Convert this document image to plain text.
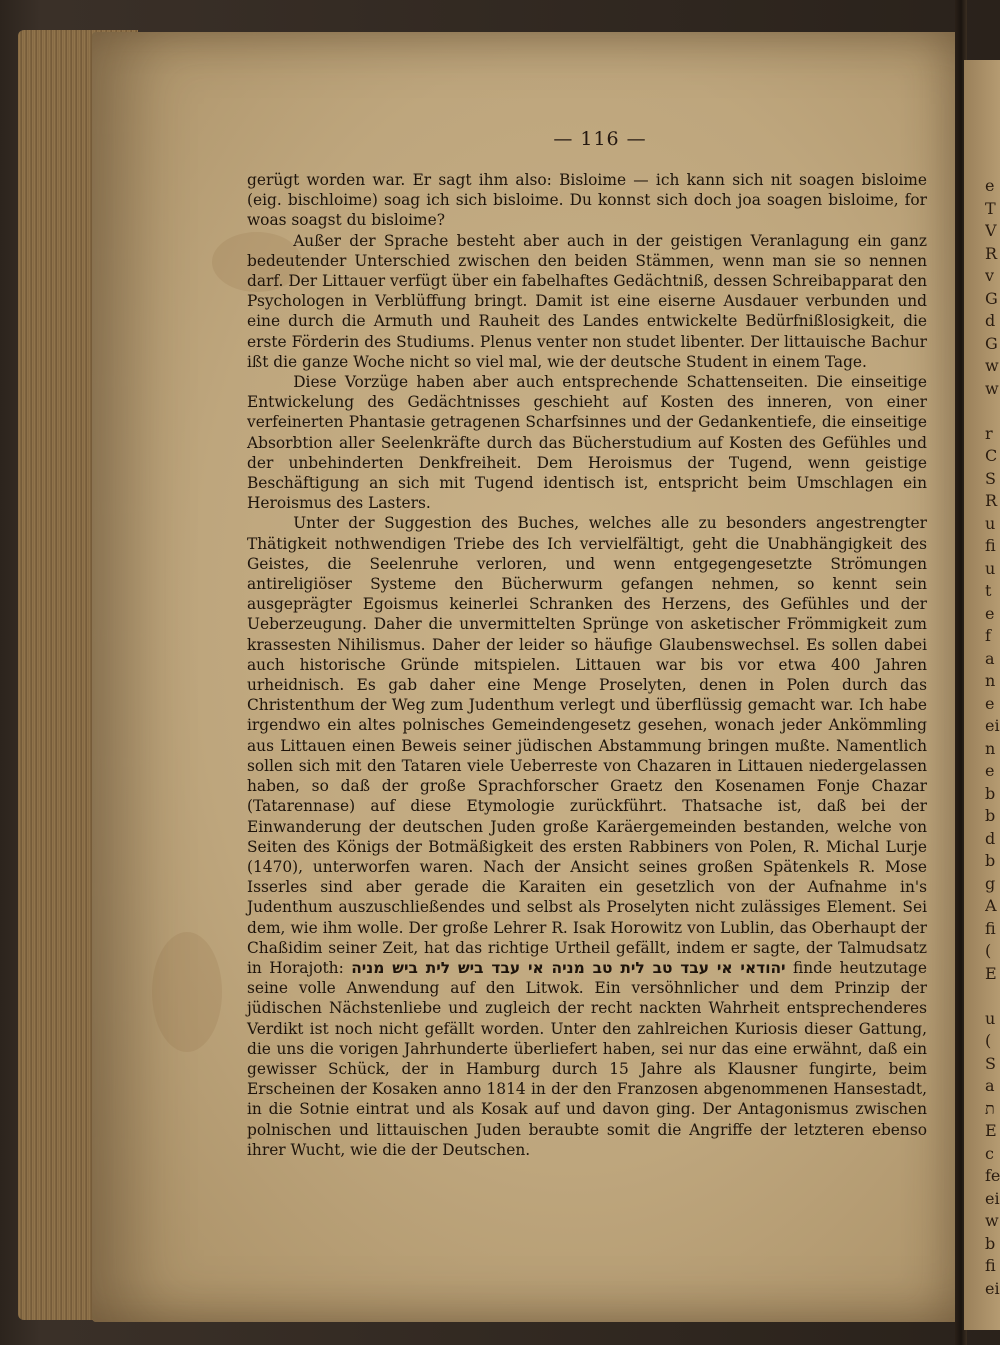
e
T
V
R
v
G
d
G
w
w
r
C
S
R
u
fi
u
t
e
f
a
n
e
ei
n
e
b
b
d
b
g
A
fi
(
E
u
(
S
a
ת
E
c
fe
ei
w
b
fi
ei
— 116 —

gerügt worden war. Er sagt ihm also: Bisloime — ich kann sich nit soagen bisloime (eig. bischloime) soag ich sich bisloime. Du konnst sich doch joa soagen bisloime, for woas soagst du bisloime?

Außer der Sprache besteht aber auch in der geistigen Veranlagung ein ganz bedeutender Unterschied zwischen den beiden Stämmen, wenn man sie so nennen darf. Der Littauer verfügt über ein fabelhaftes Gedächtniß, dessen Schreibapparat den Psychologen in Verblüffung bringt. Damit ist eine eiserne Ausdauer verbunden und eine durch die Armuth und Rauheit des Landes entwickelte Bedürfnißlosigkeit, die erste Förderin des Studiums. Plenus venter non studet libenter. Der littauische Bachur ißt die ganze Woche nicht so viel mal, wie der deutsche Student in einem Tage.

Diese Vorzüge haben aber auch entsprechende Schattenseiten. Die einseitige Entwickelung des Gedächtnisses geschieht auf Kosten des inneren, von einer verfeinerten Phantasie getragenen Scharfsinnes und der Gedankentiefe, die einseitige Absorbtion aller Seelenkräfte durch das Bücherstudium auf Kosten des Gefühles und der unbehinderten Denkfreiheit. Dem Heroismus der Tugend, wenn geistige Beschäftigung an sich mit Tugend identisch ist, entspricht beim Umschlagen ein Heroismus des Lasters.

Unter der Suggestion des Buches, welches alle zu besonders angestrengter Thätigkeit nothwendigen Triebe des Ich vervielfältigt, geht die Unabhängigkeit des Geistes, die Seelenruhe verloren, und wenn entgegengesetzte Strömungen antireligiöser Systeme den Bücherwurm gefangen nehmen, so kennt sein ausgeprägter Egoismus keinerlei Schranken des Herzens, des Gefühles und der Ueberzeugung. Daher die unvermittelten Sprünge von asketischer Frömmigkeit zum krassesten Nihilismus. Daher der leider so häufige Glaubenswechsel. Es sollen dabei auch historische Gründe mitspielen. Littauen war bis vor etwa 400 Jahren urheidnisch. Es gab daher eine Menge Proselyten, denen in Polen durch das Christenthum der Weg zum Judenthum verlegt und überflüssig gemacht war. Ich habe irgendwo ein altes polnisches Gemeindengesetz gesehen, wonach jeder Ankömmling aus Littauen einen Beweis seiner jüdischen Abstammung bringen mußte. Namentlich sollen sich mit den Tataren viele Ueberreste von Chazaren in Littauen niedergelassen haben, so daß der große Sprachforscher Graetz den Kosenamen Fonje Chazar (Tatarennase) auf diese Etymologie zurückführt. Thatsache ist, daß bei der Einwanderung der deutschen Juden große Karäergemeinden bestanden, welche von Seiten des Königs der Botmäßigkeit des ersten Rabbiners von Polen, R. Michal Lurje (1470), unterworfen waren. Nach der Ansicht seines großen Spätenkels R. Mose Isserles sind aber gerade die Karaiten ein gesetzlich von der Aufnahme in's Judenthum auszuschließendes und selbst als Proselyten nicht zulässiges Element. Sei dem, wie ihm wolle. Der große Lehrer R. Isak Horowitz von Lublin, das Oberhaupt der Chaßidim seiner Zeit, hat das richtige Urtheil gefällt, indem er sagte, der Talmudsatz in Horajoth: יהודאי אי עבד טב לית טב מניה אי עבד ביש לית ביש מניה finde heutzutage seine volle Anwendung auf den Litwok. Ein versöhnlicher und dem Prinzip der jüdischen Nächstenliebe und zugleich der recht nackten Wahrheit entsprechenderes Verdikt ist noch nicht gefällt worden. Unter den zahlreichen Kuriosis dieser Gattung, die uns die vorigen Jahrhunderte überliefert haben, sei nur das eine erwähnt, daß ein gewisser Schück, der in Hamburg durch 15 Jahre als Klausner fungirte, beim Erscheinen der Kosaken anno 1814 in der den Franzosen abgenommenen Hansestadt, in die Sotnie eintrat und als Kosak auf und davon ging. Der Antagonismus zwischen polnischen und littauischen Juden beraubte somit die Angriffe der letzteren ebenso ihrer Wucht, wie die der Deutschen.
